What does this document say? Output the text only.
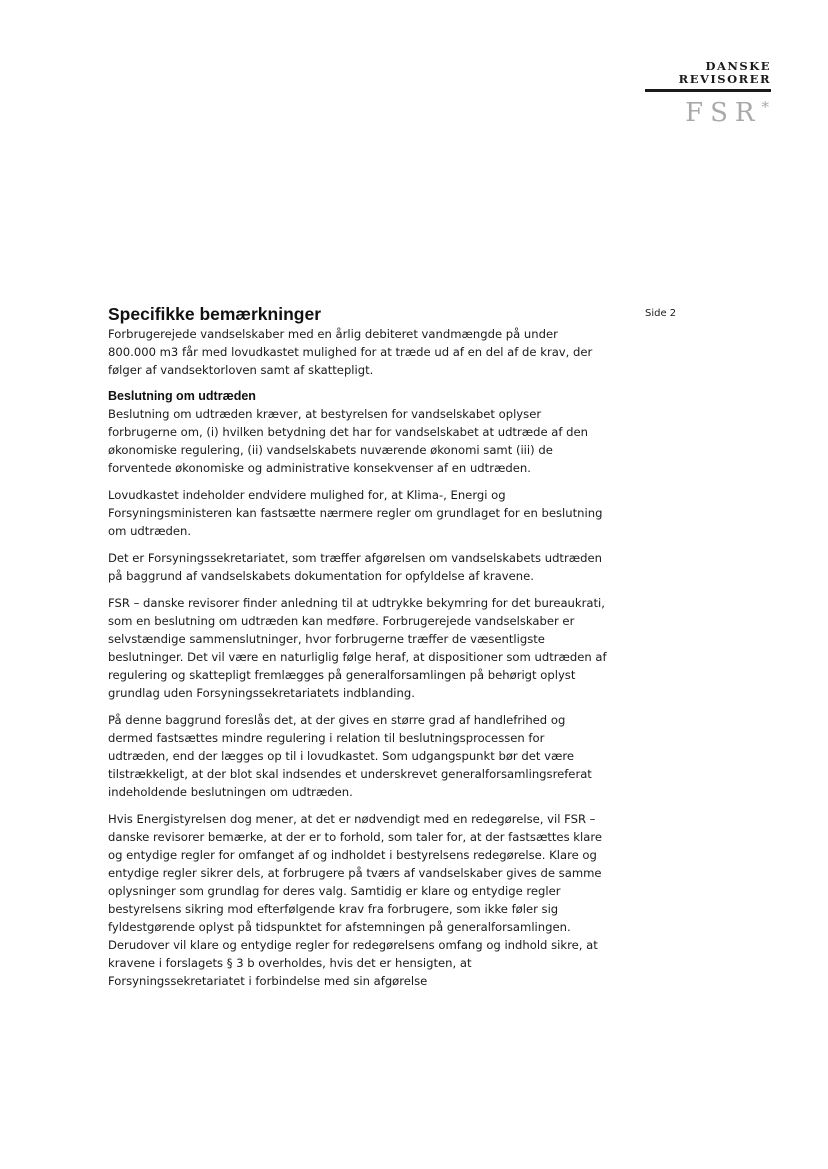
DANSKE
REVISORER
FSR*
Side 2
Specifikke bemærkninger

Forbrugerejede vandselskaber med en årlig debiteret vandmængde på under 800.000 m3 får med lovudkastet mulighed for at træde ud af en del af de krav, der følger af vandsektorloven samt af skattepligt.

Beslutning om udtræden

Beslutning om udtræden kræver, at bestyrelsen for vandselskabet oplyser forbrugerne om, (i) hvilken betydning det har for vandselskabet at udtræde af den økonomiske regulering, (ii) vandselskabets nuværende økonomi samt (iii) de forventede økonomiske og administrative konsekvenser af en udtræden.

Lovudkastet indeholder endvidere mulighed for, at Klima-, Energi og Forsyningsministeren kan fastsætte nærmere regler om grundlaget for en beslutning om udtræden.

Det er Forsyningssekretariatet, som træffer afgørelsen om vandselskabets udtræden på baggrund af vandselskabets dokumentation for opfyldelse af kravene.

FSR – danske revisorer finder anledning til at udtrykke bekymring for det bureaukrati, som en beslutning om udtræden kan medføre. Forbrugerejede vandselskaber er selvstændige sammenslutninger, hvor forbrugerne træffer de væsentligste beslutninger. Det vil være en naturliglig følge heraf, at dispositioner som udtræden af regulering og skattepligt fremlægges på generalforsamlingen på behørigt oplyst grundlag uden Forsyningssekretariatets indblanding.

På denne baggrund foreslås det, at der gives en større grad af handlefrihed og dermed fastsættes mindre regulering i relation til beslutningsprocessen for udtræden, end der lægges op til i lovudkastet. Som udgangspunkt bør det være tilstrækkeligt, at der blot skal indsendes et underskrevet generalforsamlingsreferat indeholdende beslutningen om udtræden.

Hvis Energistyrelsen dog mener, at det er nødvendigt med en redegørelse, vil FSR – danske revisorer bemærke, at der er to forhold, som taler for, at der fastsættes klare og entydige regler for omfanget af og indholdet i bestyrelsens redegørelse. Klare og entydige regler sikrer dels, at forbrugere på tværs af vandselskaber gives de samme oplysninger som grundlag for deres valg. Samtidig er klare og entydige regler bestyrelsens sikring mod efterfølgende krav fra forbrugere, som ikke føler sig fyldestgørende oplyst på tidspunktet for afstemningen på generalforsamlingen. Derudover vil klare og entydige regler for redegørelsens omfang og indhold sikre, at kravene i forslagets § 3 b overholdes, hvis det er hensigten, at Forsyningssekretariatet i forbindelse med sin afgørelse
